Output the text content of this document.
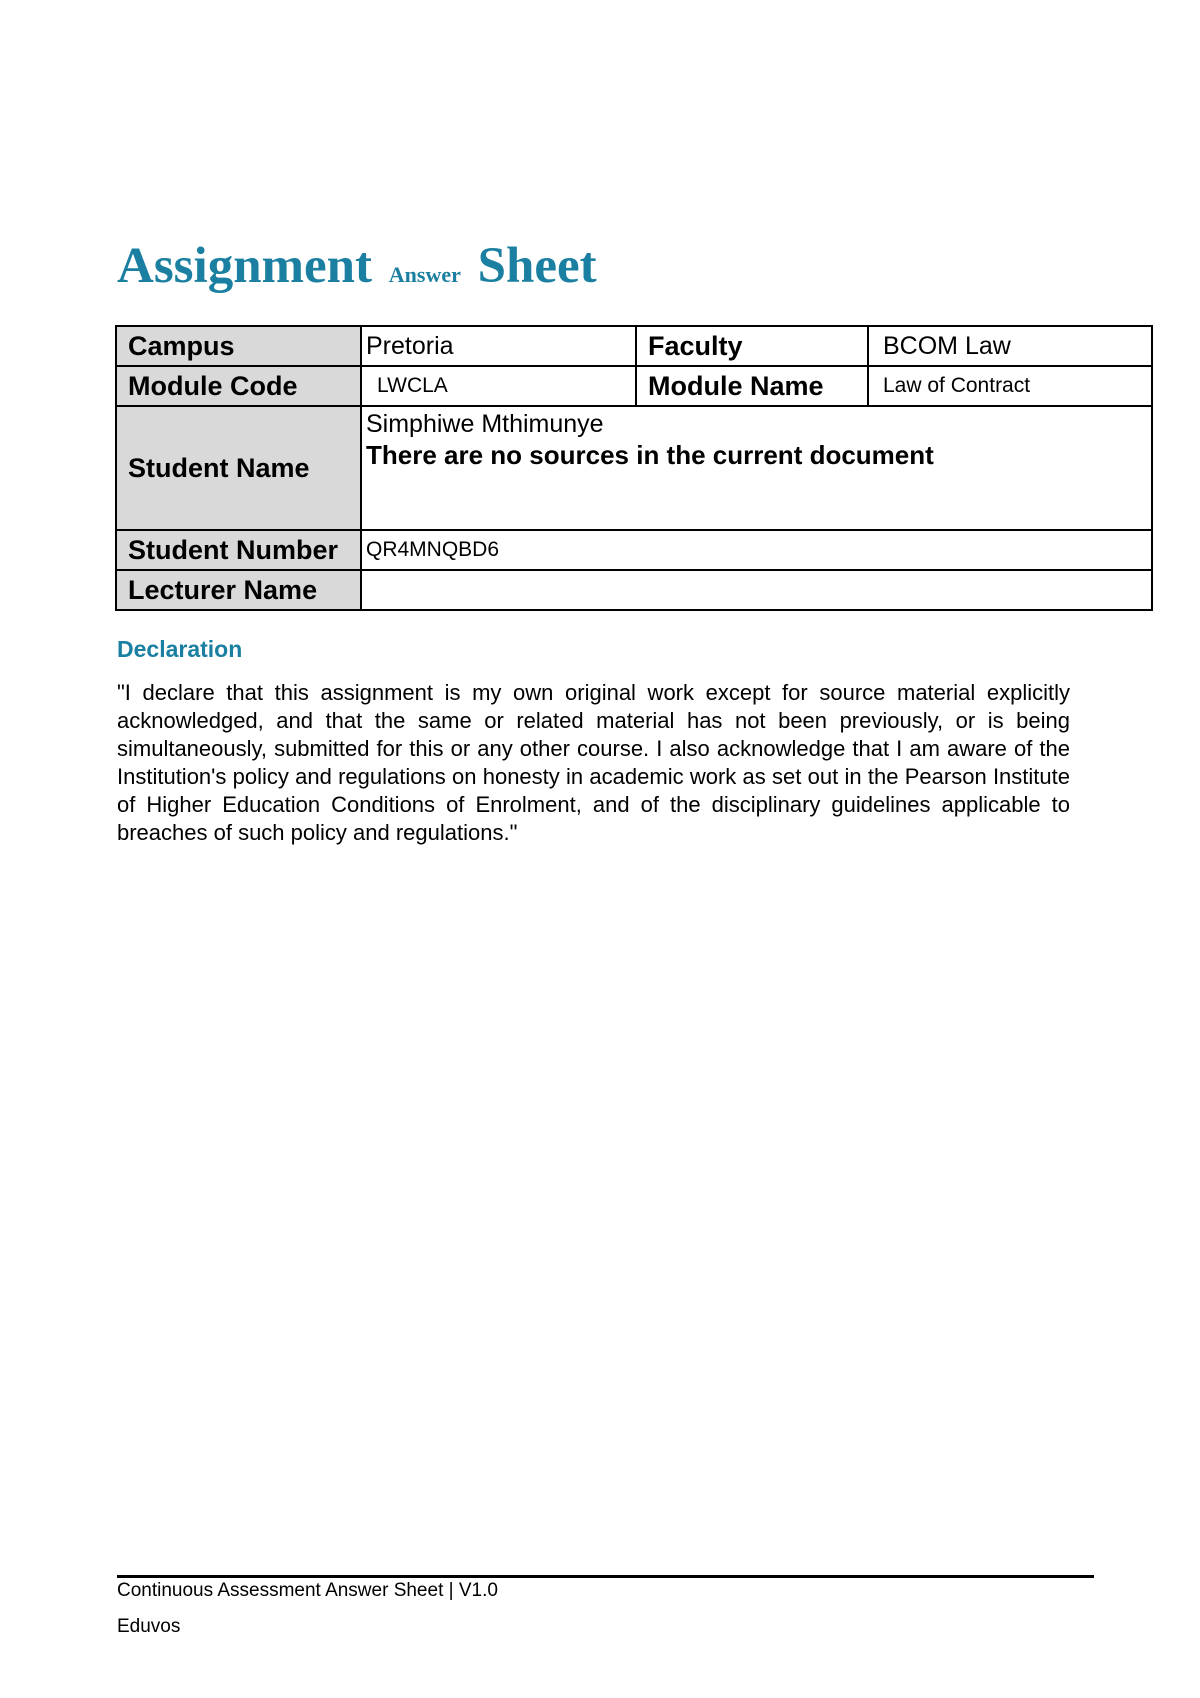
Assignment Answer Sheet
Campus	Pretoria	Faculty	BCOM Law
Module Code	LWCLA	Module Name	Law of Contract
Student Name	Simphiwe Mthimunye
There are no sources in the current document		

Student Number	QR4MNQBD6		
Lecturer Name			
Declaration

"I declare that this assignment is my own original work except for source material explicitly acknowledged, and that the same or related material has not been previously, or is being simultaneously, submitted for this or any other course. I also acknowledge that I am aware of the Institution's policy and regulations on honesty in academic work as set out in the Pearson Institute of Higher Education Conditions of Enrolment, and of the disciplinary guidelines applicable to breaches of such policy and regulations."

Continuous Assessment Answer Sheet | V1.0
Eduvos
